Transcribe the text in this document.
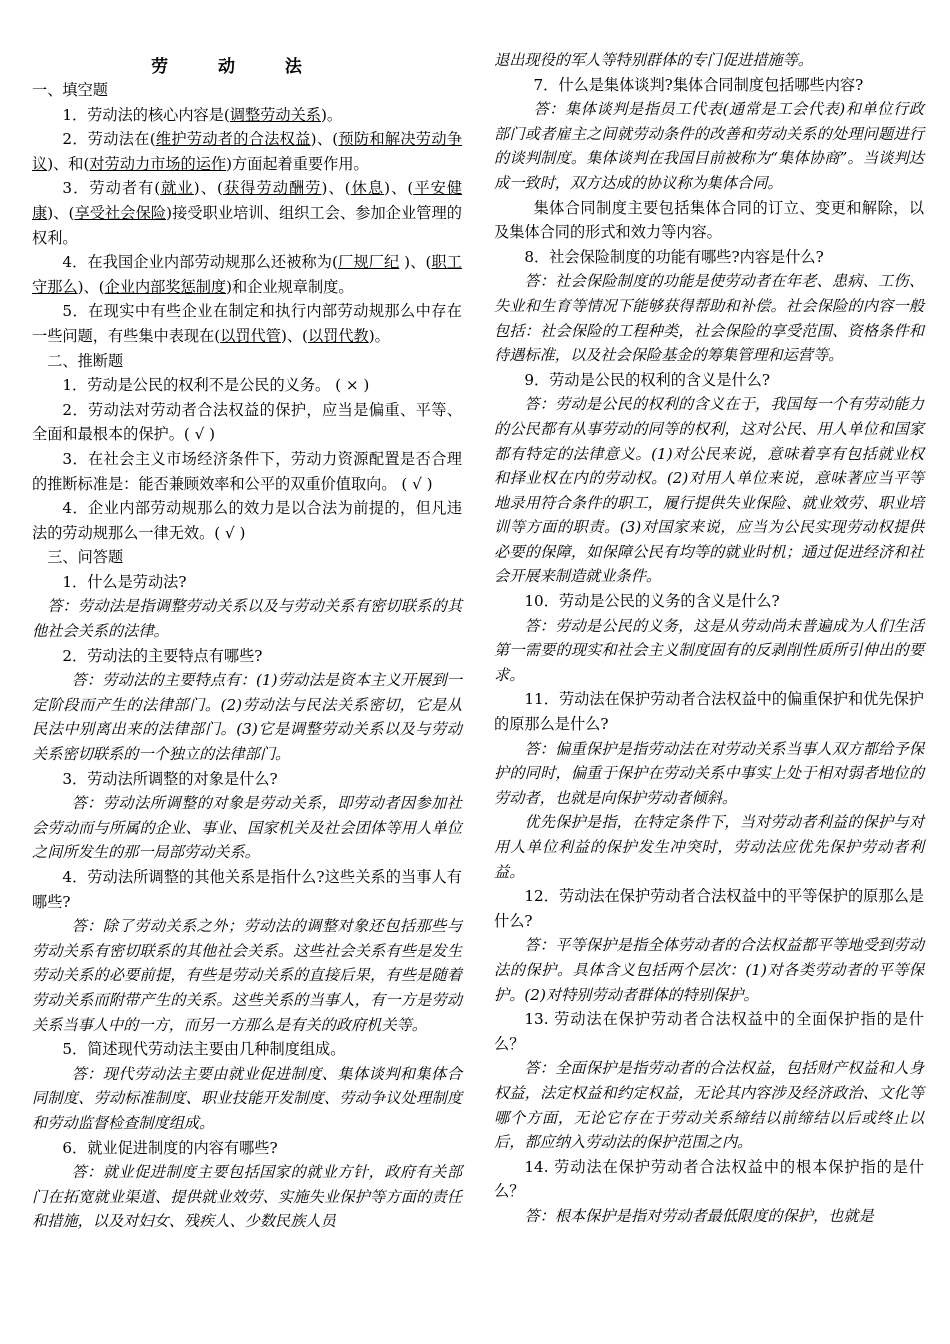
劳 动 法

一、填空题

1．劳动法的核心内容是(调整劳动关系)。

2．劳动法在(维护劳动者的合法权益)、(预防和解决劳动争议)、和(对劳动力市场的运作)方面起着重要作用。

3．劳动者有(就业)、(获得劳动酬劳)、(休息)、(平安健康)、(享受社会保险)接受职业培训、组织工会、参加企业管理的权利。

4．在我国企业内部劳动规那么还被称为(厂规厂纪 )、(职工守那么)、(企业内部奖惩制度)和企业规章制度。

5．在现实中有些企业在制定和执行内部劳动规那么中存在一些问题，有些集中表现在(以罚代管)、(以罚代教)。

二、推断题

1．劳动是公民的权利不是公民的义务。 ( × )

2．劳动法对劳动者合法权益的保护，应当是偏重、平等、全面和最根本的保护。( √ )

3．在社会主义市场经济条件下，劳动力资源配置是否合理的推断标准是：能否兼顾效率和公平的双重价值取向。 ( √ )

4．企业内部劳动规那么的效力是以合法为前提的，但凡违法的劳动规那么一律无效。( √ )

三、问答题

1．什么是劳动法?

答：劳动法是指调整劳动关系以及与劳动关系有密切联系的其他社会关系的法律。

2．劳动法的主要特点有哪些?

答：劳动法的主要特点有：(1)劳动法是资本主义开展到一定阶段而产生的法律部门。(2)劳动法与民法关系密切，它是从民法中别离出来的法律部门。(3)它是调整劳动关系以及与劳动关系密切联系的一个独立的法律部门。

3．劳动法所调整的对象是什么?

答：劳动法所调整的对象是劳动关系，即劳动者因参加社会劳动而与所属的企业、事业、国家机关及社会团体等用人单位之间所发生的那一局部劳动关系。

4．劳动法所调整的其他关系是指什么?这些关系的当事人有哪些?

答：除了劳动关系之外；劳动法的调整对象还包括那些与劳动关系有密切联系的其他社会关系。这些社会关系有些是发生劳动关系的必要前提，有些是劳动关系的直接后果，有些是随着劳动关系而附带产生的关系。这些关系的当事人，有一方是劳动关系当事人中的一方，而另一方那么是有关的政府机关等。

5．简述现代劳动法主要由几种制度组成。

答：现代劳动法主要由就业促进制度、集体谈判和集体合同制度、劳动标准制度、职业技能开发制度、劳动争议处理制度和劳动监督检查制度组成。

6．就业促进制度的内容有哪些?

答：就业促进制度主要包括国家的就业方针，政府有关部门在拓宽就业渠道、提供就业效劳、实施失业保护等方面的责任和措施，以及对妇女、残疾人、少数民族人员

退出现役的军人等特别群体的专门促进措施等。

7．什么是集体谈判?集体合同制度包括哪些内容?

答：集体谈判是指员工代表(通常是工会代表)和单位行政部门或者雇主之间就劳动条件的改善和劳动关系的处理问题进行的谈判制度。集体谈判在我国目前被称为“集体协商”。当谈判达成一致时，双方达成的协议称为集体合同。

集体合同制度主要包括集体合同的订立、变更和解除，以及集体合同的形式和效力等内容。

8．社会保险制度的功能有哪些?内容是什么?

答：社会保险制度的功能是使劳动者在年老、患病、工伤、失业和生育等情况下能够获得帮助和补偿。社会保险的内容一般包括：社会保险的工程种类，社会保险的享受范围、资格条件和待遇标准，以及社会保险基金的筹集管理和运营等。

9．劳动是公民的权利的含义是什么?

答：劳动是公民的权利的含义在于，我国每一个有劳动能力的公民都有从事劳动的同等的权利，这对公民、用人单位和国家都有特定的法律意义。(1)对公民来说，意味着享有包括就业权和择业权在内的劳动权。(2)对用人单位来说，意味著应当平等地录用符合条件的职工，履行提供失业保险、就业效劳、职业培训等方面的职责。(3)对国家来说，应当为公民实现劳动权提供必要的保障，如保障公民有均等的就业时机；通过促进经济和社会开展来制造就业条件。

10．劳动是公民的义务的含义是什么?

答：劳动是公民的义务，这是从劳动尚未普遍成为人们生活第一需要的现实和社会主义制度固有的反剥削性质所引伸出的要求。

11．劳动法在保护劳动者合法权益中的偏重保护和优先保护的原那么是什么?

答：偏重保护是指劳动法在对劳动关系当事人双方都给予保护的同时，偏重于保护在劳动关系中事实上处于相对弱者地位的劳动者，也就是向保护劳动者倾斜。

优先保护是指，在特定条件下，当对劳动者利益的保护与对用人单位利益的保护发生冲突时，劳动法应优先保护劳动者利益。

12．劳动法在保护劳动者合法权益中的平等保护的原那么是什么?

答：平等保护是指全体劳动者的合法权益都平等地受到劳动法的保护。具体含义包括两个层次：(1)对各类劳动者的平等保护。(2)对特别劳动者群体的特别保护。

13. 劳动法在保护劳动者合法权益中的全面保护指的是什么？

答：全面保护是指劳动者的合法权益，包括财产权益和人身权益，法定权益和约定权益，无论其内容涉及经济政治、文化等哪个方面，无论它存在于劳动关系缔结以前缔结以后或终止以后，都应纳入劳动法的保护范围之内。

14. 劳动法在保护劳动者合法权益中的根本保护指的是什么？

答：根本保护是指对劳动者最低限度的保护，也就是
